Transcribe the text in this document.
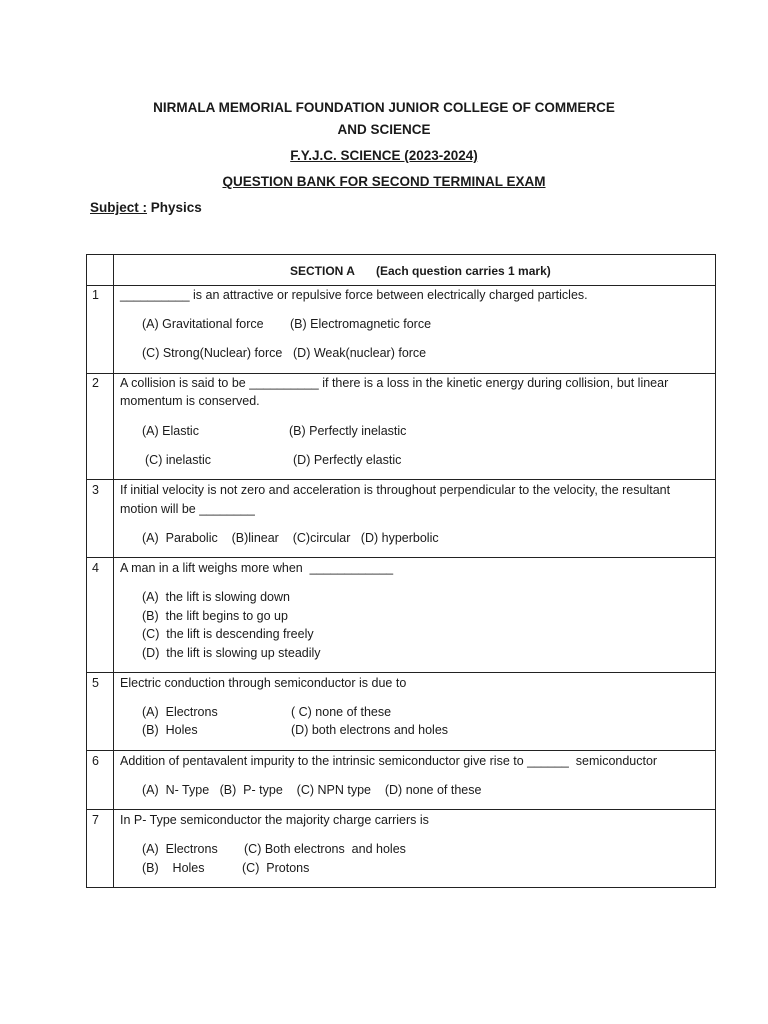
NIRMALA MEMORIAL FOUNDATION JUNIOR COLLEGE OF COMMERCE
AND SCIENCE
F.Y.J.C. SCIENCE (2023-2024)
QUESTION BANK FOR SECOND TERMINAL EXAM
Subject : Physics
SECTION A (Each question carries 1 mark)
1 __________ is an attractive or repulsive force between electrically charged particles.
(A) Gravitational force (B) Electromagnetic force
(C) Strong(Nuclear) force (D) Weak(nuclear) force
2 A collision is said to be __________ if there is a loss in the kinetic energy during collision, but linear
momentum is conserved.
(A) Elastic	(B) Perfectly inelastic
(C) inelastic	(D) Perfectly elastic
3 If initial velocity is not zero and acceleration is throughout perpendicular to the velocity, the resultant
motion will be ________
(A)  Parabolic    (B)linear    (C)circular   (D) hyperbolic
4 A man in a lift weighs more when  ____________
(A)  the lift is slowing down
(B)  the lift begins to go up
(C)  the lift is descending freely
(D)  the lift is slowing up steadily
5 Electric conduction through semiconductor is due to
(A)  Electrons	( C) none of these
(B)  Holes	(D) both electrons and holes
6 Addition of pentavalent impurity to the intrinsic semiconductor give rise to ______  semiconductor
(A)  N- Type   (B)  P- type    (C) NPN type    (D) none of these
7 In P- Type semiconductor the majority charge carriers is
(A)  Electrons (C) Both electrons  and holes
(B)    Holes	(C)  Protons
